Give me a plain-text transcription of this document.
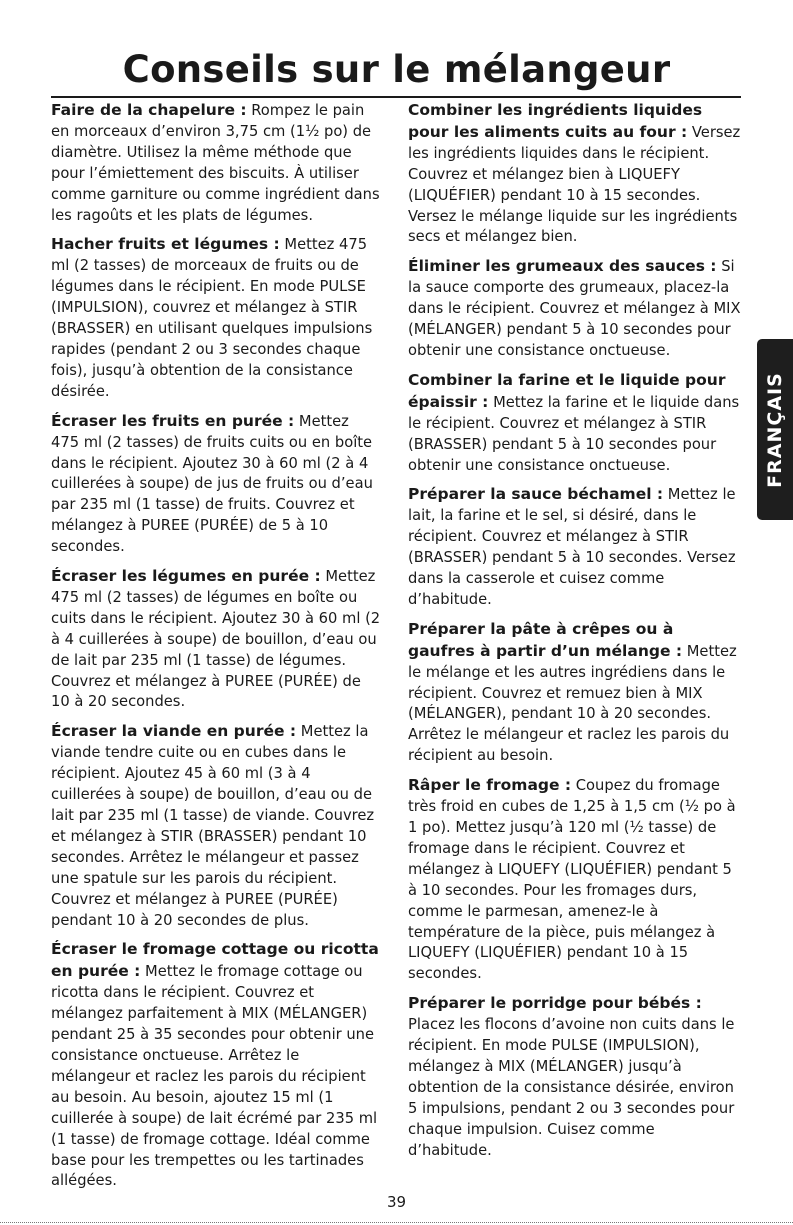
Conseils sur le mélangeur

Faire de la chapelure : Rompez le pain en morceaux d’environ 3,75 cm (1½ po) de diamètre. Utilisez la même méthode que pour l’émiettement des biscuits. À utiliser comme garniture ou comme ingrédient dans les ragoûts et les plats de légumes.

Hacher fruits et légumes : Mettez 475 ml (2 tasses) de morceaux de fruits ou de légumes dans le récipient. En mode PULSE (IMPULSION), couvrez et mélangez à STIR (BRASSER) en utilisant quelques impulsions rapides (pendant 2 ou 3 secondes chaque fois), jusqu’à obtention de la consistance désirée.

Écraser les fruits en purée : Mettez 475 ml (2 tasses) de fruits cuits ou en boîte dans le récipient. Ajoutez 30 à 60 ml (2 à 4 cuillerées à soupe) de jus de fruits ou d’eau par 235 ml (1 tasse) de fruits. Couvrez et mélangez à PUREE (PURÉE) de 5 à 10 secondes.

Écraser les légumes en purée : Mettez 475 ml (2 tasses) de légumes en boîte ou cuits dans le récipient. Ajoutez 30 à 60 ml (2 à 4 cuillerées à soupe) de bouillon, d’eau ou de lait par 235 ml (1 tasse) de légumes. Couvrez et mélangez à PUREE (PURÉE) de 10 à 20 secondes.

Écraser la viande en purée : Mettez la viande tendre cuite ou en cubes dans le récipient. Ajoutez 45 à 60 ml (3 à 4 cuillerées à soupe) de bouillon, d’eau ou de lait par 235 ml (1 tasse) de viande. Couvrez et mélangez à STIR (BRASSER) pendant 10 secondes. Arrêtez le mélangeur et passez une spatule sur les parois du récipient. Couvrez et mélangez à PUREE (PURÉE) pendant 10 à 20 secondes de plus.

Écraser le fromage cottage ou ricotta en purée : Mettez le fromage cottage ou ricotta dans le récipient. Couvrez et mélangez parfaitement à MIX (MÉLANGER) pendant 25 à 35 secondes pour obtenir une consistance onctueuse. Arrêtez le mélangeur et raclez les parois du récipient au besoin. Au besoin, ajoutez 15 ml (1 cuillerée à soupe) de lait écrémé par 235 ml (1 tasse) de fromage cottage. Idéal comme base pour les trempettes ou les tartinades allégées.

Combiner les ingrédients liquides pour les aliments cuits au four : Versez les ingrédients liquides dans le récipient. Couvrez et mélangez bien à LIQUEFY (LIQUÉFIER) pendant 10 à 15 secondes. Versez le mélange liquide sur les ingrédients secs et mélangez bien.

Éliminer les grumeaux des sauces : Si la sauce comporte des grumeaux, placez-la dans le récipient. Couvrez et mélangez à MIX (MÉLANGER) pendant 5 à 10 secondes pour obtenir une consistance onctueuse.

Combiner la farine et le liquide pour épaissir : Mettez la farine et le liquide dans le récipient. Couvrez et mélangez à STIR (BRASSER) pendant 5 à 10 secondes pour obtenir une consistance onctueuse.

Préparer la sauce béchamel : Mettez le lait, la farine et le sel, si désiré, dans le récipient. Couvrez et mélangez à STIR (BRASSER) pendant 5 à 10 secondes. Versez dans la casserole et cuisez comme d’habitude.

Préparer la pâte à crêpes ou à gaufres à partir d’un mélange : Mettez le mélange et les autres ingrédiens dans le récipient. Couvrez et remuez bien à MIX (MÉLANGER), pendant 10 à 20 secondes. Arrêtez le mélangeur et raclez les parois du récipient au besoin.

Râper le fromage : Coupez du fromage très froid en cubes de 1,25 à 1,5 cm (½ po à 1 po). Mettez jusqu’à 120 ml (½ tasse) de fromage dans le récipient. Couvrez et mélangez à LIQUEFY (LIQUÉFIER) pendant 5 à 10 secondes. Pour les fromages durs, comme le parmesan, amenez-le à température de la pièce, puis mélangez à LIQUEFY (LIQUÉFIER) pendant 10 à 15 secondes.

Préparer le porridge pour bébés : Placez les flocons d’avoine non cuits dans le récipient. En mode PULSE (IMPULSION), mélangez à MIX (MÉLANGER) jusqu’à obtention de la consistance désirée, environ 5 impulsions, pendant 2 ou 3 secondes pour chaque impulsion. Cuisez comme d’habitude.

FRANÇAIS
39
